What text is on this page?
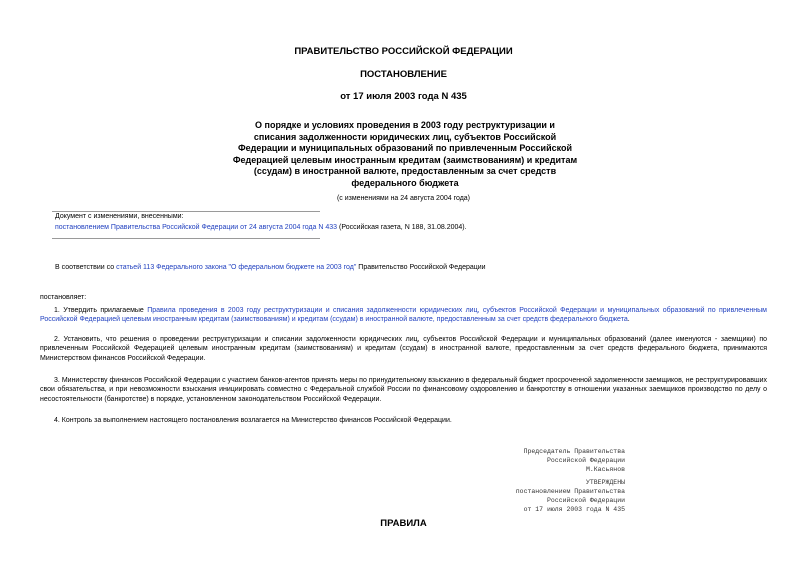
ПРАВИТЕЛЬСТВО РОССИЙСКОЙ ФЕДЕРАЦИИ
ПОСТАНОВЛЕНИЕ
от 17 июля 2003 года N 435
О порядке и условиях проведения в 2003 году реструктуризации и
списания задолженности юридических лиц, субъектов Российской
Федерации и муниципальных образований по привлеченным Российской
Федерацией целевым иностранным кредитам (заимствованиям) и кредитам
(ссудам) в иностранной валюте, предоставленным за счет средств
федерального бюджета
(с изменениями на 24 августа 2004 года)
Документ с изменениями, внесенными:
постановлением Правительства Российской Федерации от 24 августа 2004 года N 433 (Российская газета, N 188, 31.08.2004).
В соответствии со статьей 113 Федерального закона "О федеральном бюджете на 2003 год" Правительство Российской Федерации
постановляет:
1. Утвердить прилагаемые Правила проведения в 2003 году реструктуризации и списания задолженности юридических лиц, субъектов Российской Федерации и муниципальных образований по привлеченным Российской Федерацией целевым иностранным кредитам (заимствованиям) и кредитам (ссудам) в иностранной валюте, предоставленным за счет средств федерального бюджета.
2. Установить, что решения о проведении реструктуризации и списании задолженности юридических лиц, субъектов Российской Федерации и муниципальных образований (далее именуются - заемщики) по привлеченным Российской Федерацией целевым иностранным кредитам (заимствованиям) и кредитам (ссудам) в иностранной валюте, предоставленным за счет средств федерального бюджета, принимаются Министерством финансов Российской Федерации.
3. Министерству финансов Российской Федерации с участием банков-агентов принять меры по принудительному взысканию в федеральный бюджет просроченной задолженности заемщиков, не реструктурировавших свои обязательства, и при невозможности взыскания инициировать совместно с Федеральной службой России по финансовому оздоровлению и банкротству в отношении указанных заемщиков производство по делу о несостоятельности (банкротстве) в порядке, установленном законодательством Российской Федерации.
4. Контроль за выполнением настоящего постановления возлагается на Министерство финансов Российской Федерации.
Председатель Правительства
Российской Федерации
М.Касьянов
УТВЕРЖДЕНЫ
постановлением Правительства
Российской Федерации
от 17 июля 2003 года N 435
ПРАВИЛА
